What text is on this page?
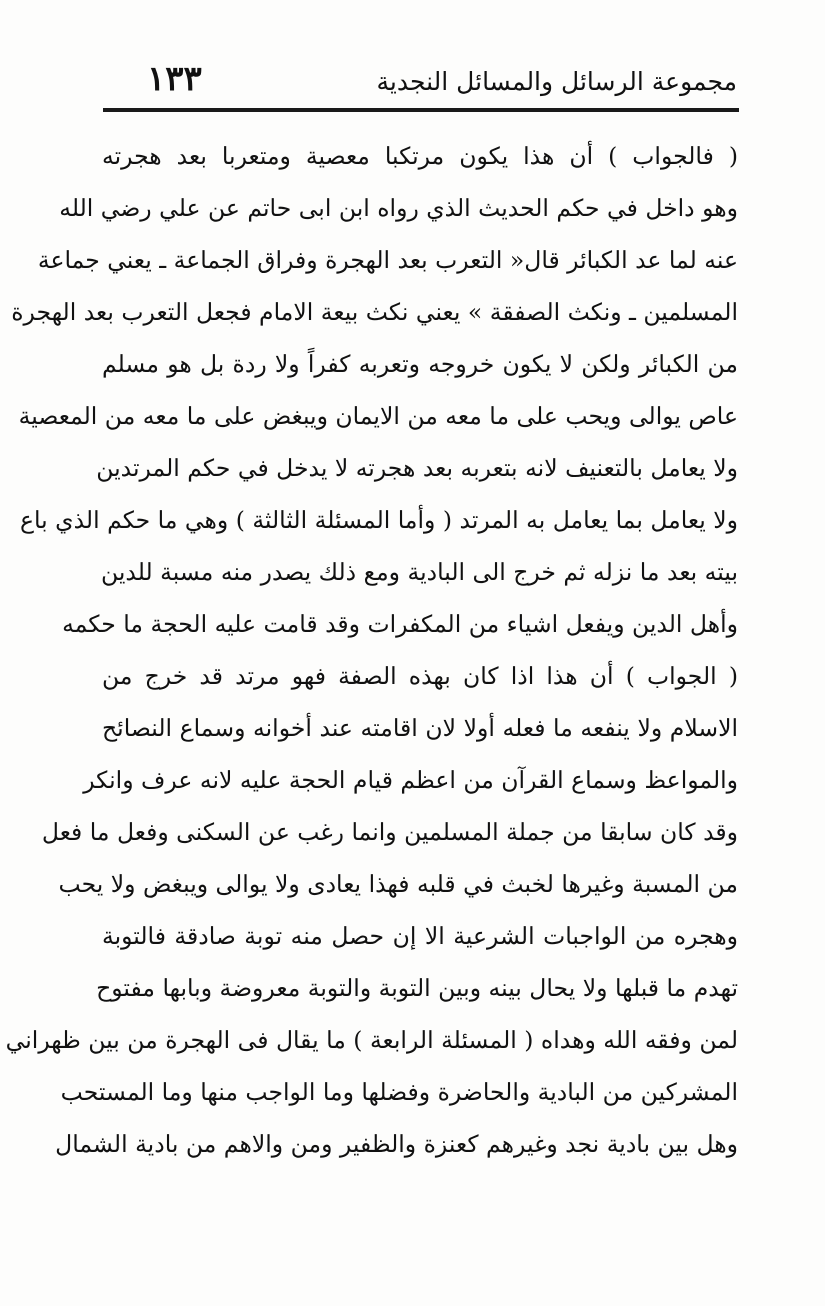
مجموعة الرسائل والمسائل النجدية
١٣٣
( فالجواب ) أن هذا يكون مرتكبا معصية ومتعربا بعد هجرته
وهو داخل في حكم الحديث الذي رواه ابن ابى حاتم عن علي رضي الله
عنه لما عد الكبائر قال« التعرب بعد الهجرة وفراق الجماعة ـ يعني جماعة
المسلمين ـ ونكث الصفقة » يعني نكث بيعة الامام فجعل التعرب بعد الهجرة
من الكبائر ولكن لا يكون خروجه وتعربه كفراً ولا ردة بل هو مسلم
عاص يوالى ويحب على ما معه من الايمان ويبغض على ما معه من المعصية
ولا يعامل بالتعنيف لانه بتعربه بعد هجرته لا يدخل في حكم المرتدين
ولا يعامل بما يعامل به المرتد ( وأما المسئلة الثالثة ) وهي ما حكم الذي باع
بيته بعد ما نزله ثم خرج الى البادية ومع ذلك يصدر منه مسبة للدين
وأهل الدين ويفعل اشياء من المكفرات وقد قامت عليه الحجة ما حكمه
( الجواب ) أن هذا اذا كان بهذه الصفة فهو مرتد قد خرج من
الاسلام ولا ينفعه ما فعله أولا لان اقامته عند أخوانه وسماع النصائح
والمواعظ وسماع القرآن من اعظم قيام الحجة عليه لانه عرف وانكر
وقد كان سابقا من جملة المسلمين وانما رغب عن السكنى وفعل ما فعل
من المسبة وغيرها لخبث في قلبه فهذا يعادى ولا يوالى ويبغض ولا يحب
وهجره من الواجبات الشرعية الا إن حصل منه توبة صادقة فالتوبة
تهدم ما قبلها ولا يحال بينه وبين التوبة والتوبة معروضة وبابها مفتوح
لمن وفقه الله وهداه ( المسئلة الرابعة ) ما يقال فى الهجرة من بين ظهراني
المشركين من البادية والحاضرة وفضلها وما الواجب منها وما المستحب
وهل بين بادية نجد وغيرهم كعنزة والظفير ومن والاهم من بادية الشمال
